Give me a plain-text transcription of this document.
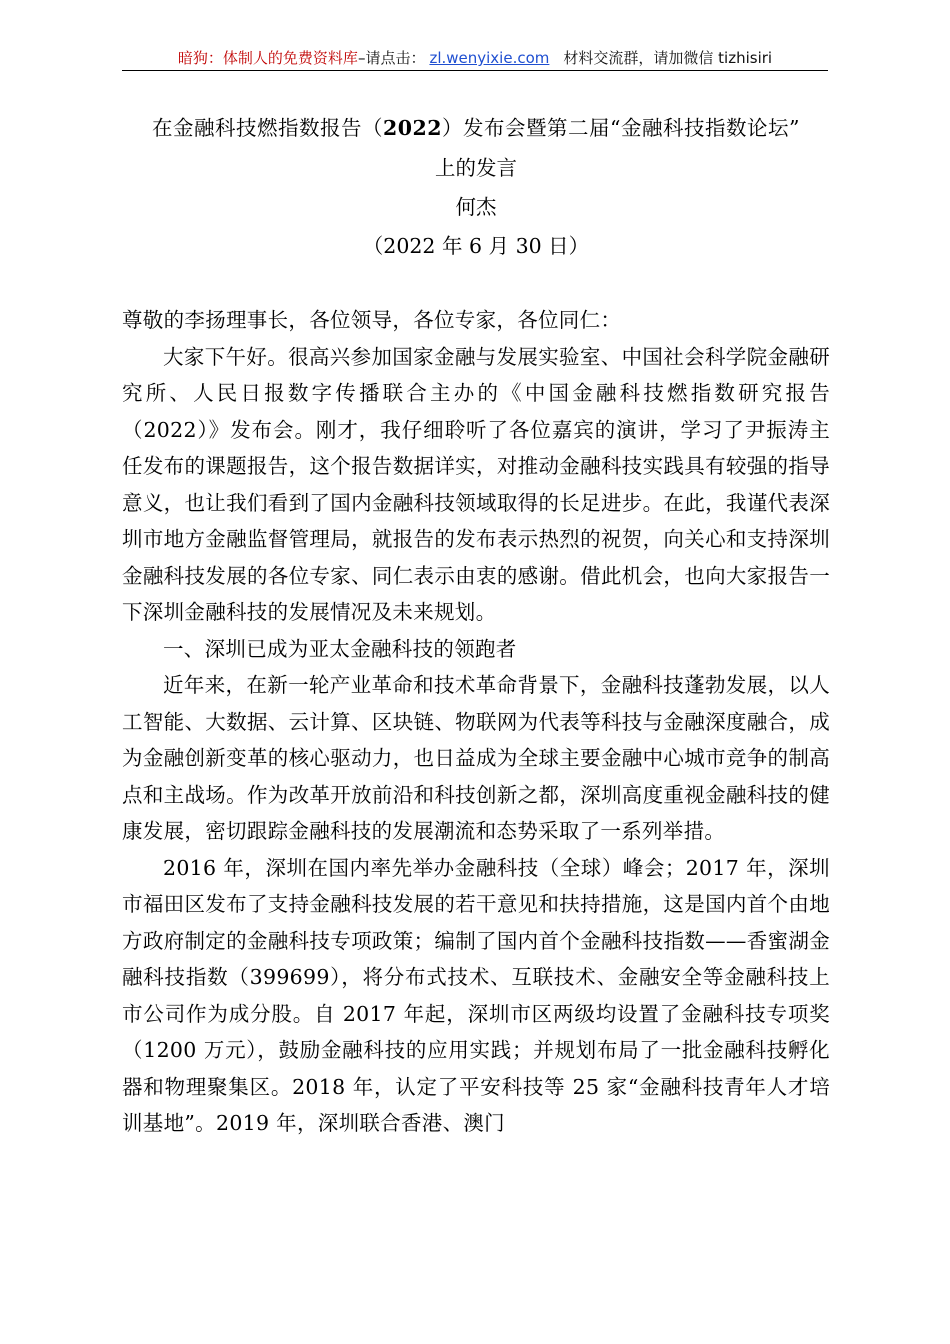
暗狗：体制人的免费资料库–请点击： zl.wenyixie.com 材料交流群，请加微信 tizhisiri

在金融科技燃指数报告（2022）发布会暨第二届“金融科技指数论坛”

上的发言

何杰

（2022 年 6 月 30 日）

尊敬的李扬理事长，各位领导，各位专家，各位同仁：

大家下午好。很高兴参加国家金融与发展实验室、中国社会科学院金融研究所、人民日报数字传播联合主办的《中国金融科技燃指数研究报告（2022）》发布会。刚才，我仔细聆听了各位嘉宾的演讲，学习了尹振涛主任发布的课题报告，这个报告数据详实，对推动金融科技实践具有较强的指导意义，也让我们看到了国内金融科技领域取得的长足进步。在此，我谨代表深圳市地方金融监督管理局，就报告的发布表示热烈的祝贺，向关心和支持深圳金融科技发展的各位专家、同仁表示由衷的感谢。借此机会，也向大家报告一下深圳金融科技的发展情况及未来规划。

一、深圳已成为亚太金融科技的领跑者

近年来，在新一轮产业革命和技术革命背景下，金融科技蓬勃发展，以人工智能、大数据、云计算、区块链、物联网为代表等科技与金融深度融合，成为金融创新变革的核心驱动力，也日益成为全球主要金融中心城市竞争的制高点和主战场。作为改革开放前沿和科技创新之都，深圳高度重视金融科技的健康发展，密切跟踪金融科技的发展潮流和态势采取了一系列举措。

2016 年，深圳在国内率先举办金融科技（全球）峰会；2017 年，深圳市福田区发布了支持金融科技发展的若干意见和扶持措施，这是国内首个由地方政府制定的金融科技专项政策；编制了国内首个金融科技指数——香蜜湖金融科技指数（399699），将分布式技术、互联技术、金融安全等金融科技上市公司作为成分股。自 2017 年起，深圳市区两级均设置了金融科技专项奖（1200 万元），鼓励金融科技的应用实践；并规划布局了一批金融科技孵化器和物理聚集区。2018 年，认定了平安科技等 25 家“金融科技青年人才培训基地”。2019 年，深圳联合香港、澳门
